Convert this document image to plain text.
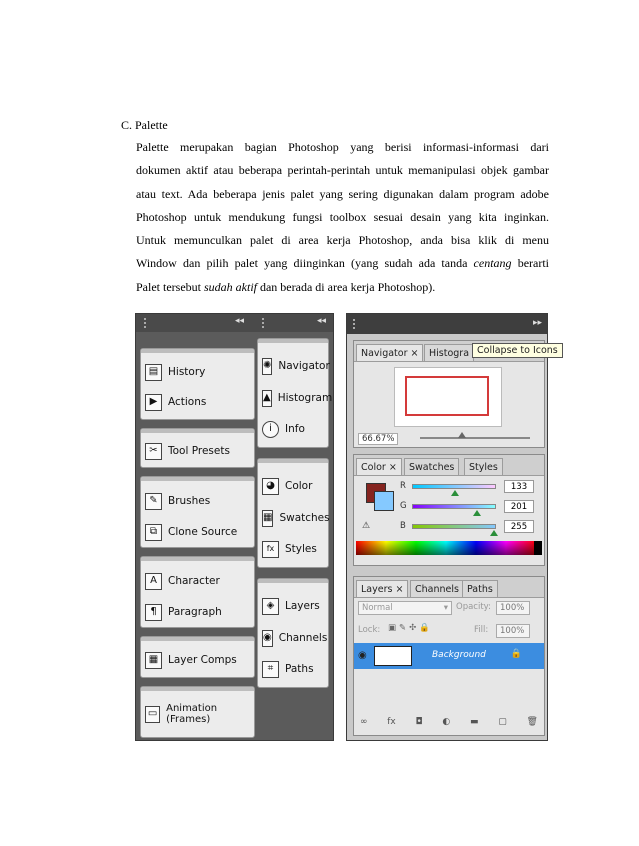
C. Palette
Palette merupakan bagian Photoshop yang berisi informasi-informasi dari
dokumen aktif atau beberapa perintah-perintah untuk memanipulasi objek gambar
atau text. Ada beberapa jenis palet yang sering digunakan dalam program adobe
Photoshop untuk mendukung fungsi toolbox sesuai desain yang kita inginkan.
Untuk memunculkan palet di area kerja Photoshop, anda bisa klik di menu
Window dan pilih palet yang diinginkan (yang sudah ada tanda centang berarti
Palet tersebut sudah aktif dan berada di area kerja Photoshop).
◂◂	◂◂
▤ History
▶	Actions
✂ Tool Presets
✎ Brushes
⧉	Clone Source
A	Character
¶	Paragraph
▦ Layer Comps
▭ Animation (Frames)
✺ Navigator
▲ Histogram
i	Info
◕ Color
▦ Swatches
fx	Styles
◈	Layers
◉ Channels
⌗	Paths
▸▸
Navigator ×	Histogra Collapse to Icons
66.67%
Color ×	Swatches	Styles
R
G
B
133
201
255
⚠
Layers ×	Channels Paths
Normal	▾ Opacity:	100%
Lock: ▣✎✣🔒	Fill:	100%
◉	Background	🔒
∞ fx ◘ ◐ ▬ ▢ 🗑
